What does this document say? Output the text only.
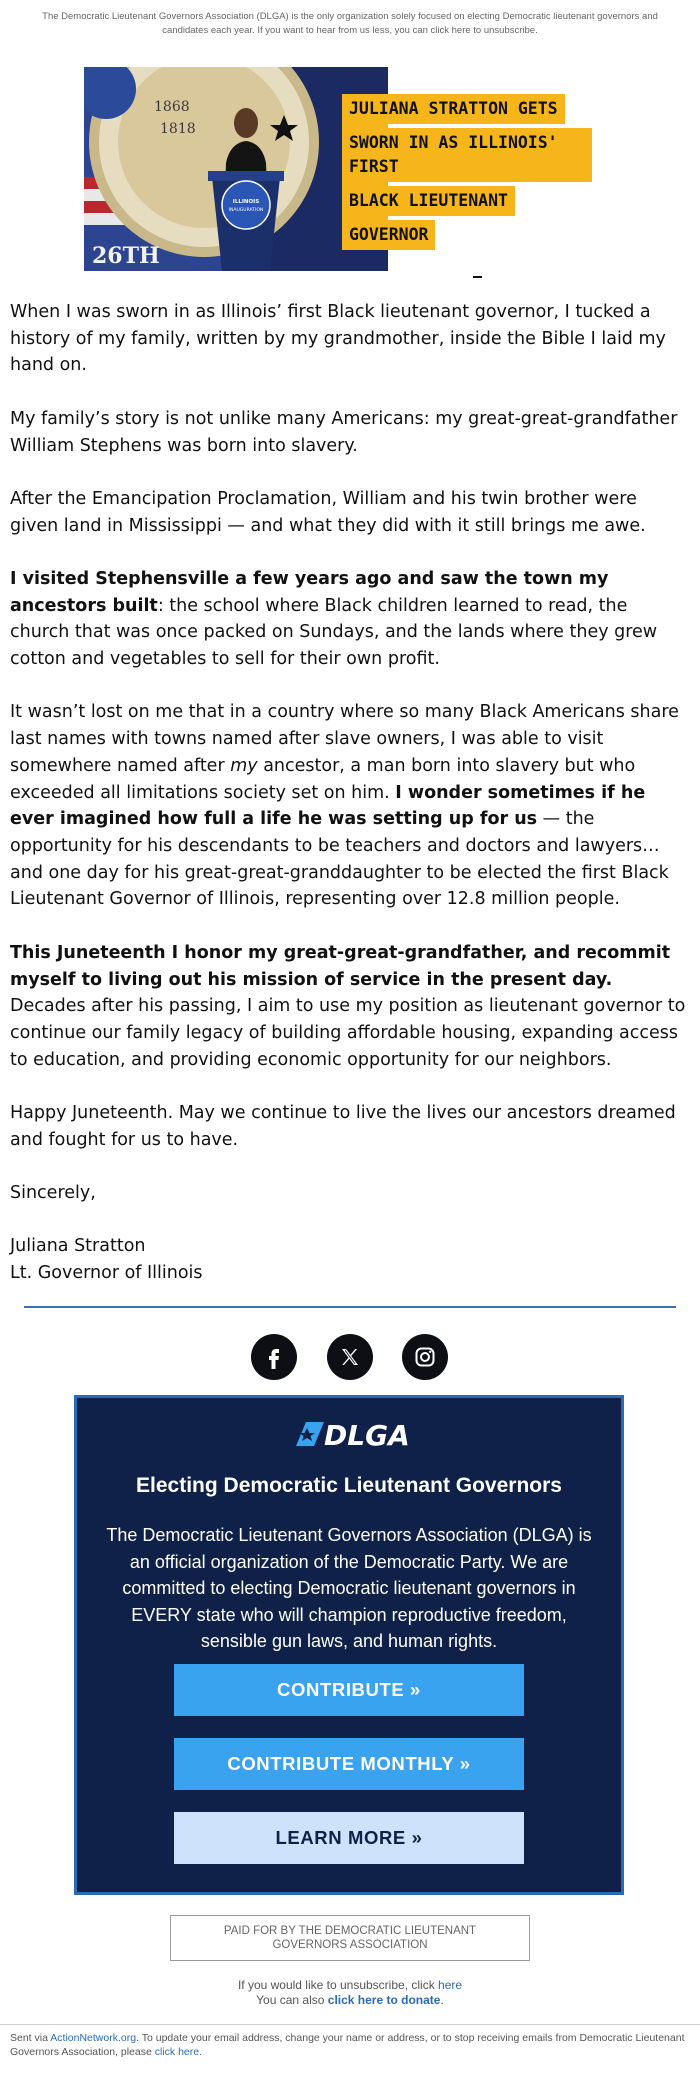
The Democratic Lieutenant Governors Association (DLGA) is the only organization solely focused on electing Democratic lieutenant governors and candidates each year. If you want to hear from us less, you can click here to unsubscribe.
1868
1818
26TH
ILLINOIS
INAUGURATION
JULIANA STRATTON GETS
SWORN IN AS ILLINOIS' FIRST
BLACK LIEUTENANT
GOVERNOR

When I was sworn in as Illinois’ first Black lieutenant governor, I tucked a history of my family, written by my grandmother, inside the Bible I laid my hand on.

My family’s story is not unlike many Americans: my great-great-grandfather William Stephens was born into slavery.

After the Emancipation Proclamation, William and his twin brother were given land in Mississippi — and what they did with it still brings me awe.

I visited Stephensville a few years ago and saw the town my ancestors built: the school where Black children learned to read, the church that was once packed on Sundays, and the lands where they grew cotton and vegetables to sell for their own profit.

It wasn’t lost on me that in a country where so many Black Americans share last names with towns named after slave owners, I was able to visit somewhere named after my ancestor, a man born into slavery but who exceeded all limitations society set on him. I wonder sometimes if he ever imagined how full a life he was setting up for us — the opportunity for his descendants to be teachers and doctors and lawyers…and one day for his great-great-granddaughter to be elected the first Black Lieutenant Governor of Illinois, representing over 12.8 million people.

This Juneteenth I honor my great-great-grandfather, and recommit myself to living out his mission of service in the present day. Decades after his passing, I aim to use my position as lieutenant governor to continue our family legacy of building affordable housing, expanding access to education, and providing economic opportunity for our neighbors.

Happy Juneteenth. May we continue to live the lives our ancestors dreamed and fought for us to have.

Sincerely,

Juliana Stratton

Lt. Governor of Illinois

DLGA
Electing Democratic Lieutenant Governors
The Democratic Lieutenant Governors Association (DLGA) is an official organization of the Democratic Party. We are committed to electing Democratic lieutenant governors in EVERY state who will champion reproductive freedom, sensible gun laws, and human rights.
CONTRIBUTE »
CONTRIBUTE MONTHLY »
LEARN MORE »
PAID FOR BY THE DEMOCRATIC LIEUTENANT GOVERNORS ASSOCIATION
If you would like to unsubscribe, click here
You can also click here to donate.
Sent via ActionNetwork.org. To update your email address, change your name or address, or to stop receiving emails from Democratic Lieutenant Governors Association, please click here.
